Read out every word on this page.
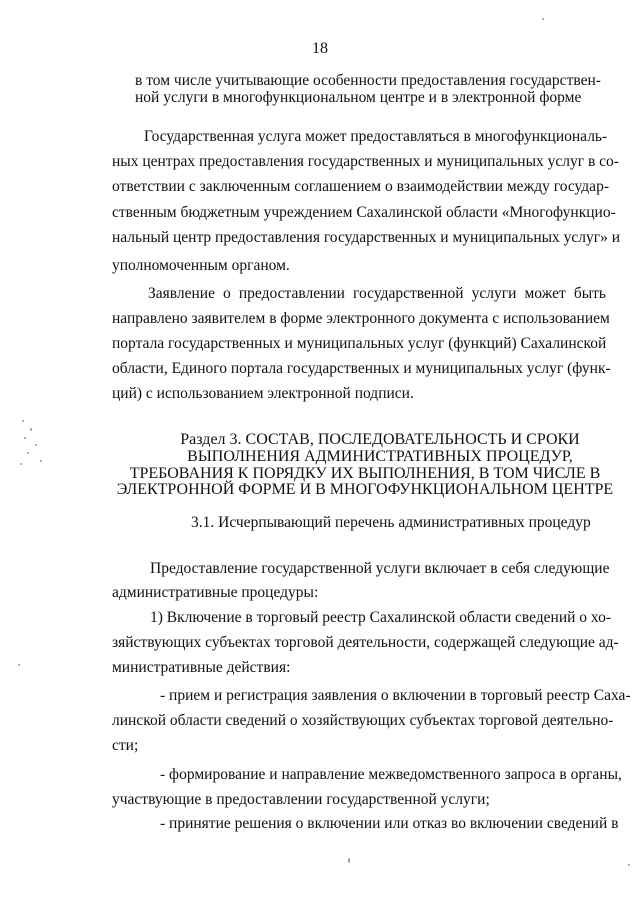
18
в том числе учитывающие особенности предоставления государствен-
ной услуги в многофункциональном центре и в электронной форме
Государственная услуга может предоставляться в многофункциональ-
ных центрах предоставления государственных и муниципальных услуг в со-
ответствии с заключенным соглашением о взаимодействии между государ-
ственным бюджетным учреждением Сахалинской области «Многофункцио-
нальный центр предоставления государственных и муниципальных услуг» и
уполномоченным органом.
Заявление о предоставлении государственной услуги может быть
направлено заявителем в форме электронного документа с использованием
портала государственных и муниципальных услуг (функций) Сахалинской
области, Единого портала государственных и муниципальных услуг (функ-
ций) с использованием электронной подписи.
Раздел 3. СОСТАВ, ПОСЛЕДОВАТЕЛЬНОСТЬ И СРОКИ
ВЫПОЛНЕНИЯ АДМИНИСТРАТИВНЫХ ПРОЦЕДУР,
ТРЕБОВАНИЯ К ПОРЯДКУ ИХ ВЫПОЛНЕНИЯ, В ТОМ ЧИСЛЕ В
ЭЛЕКТРОННОЙ ФОРМЕ И В МНОГОФУНКЦИОНАЛЬНОМ ЦЕНТРЕ
3.1. Исчерпывающий перечень административных процедур
Предоставление государственной услуги включает в себя следующие
административные процедуры:
1) Включение в торговый реестр Сахалинской области сведений о хо-
зяйствующих субъектах торговой деятельности, содержащей следующие ад-
министративные действия:
- прием и регистрация заявления о включении в торговый реестр Саха-
линской области сведений о хозяйствующих субъектах торговой деятельно-
сти;
- формирование и направление межведомственного запроса в органы,
участвующие в предоставлении государственной услуги;
- принятие решения о включении или отказ во включении сведений в
